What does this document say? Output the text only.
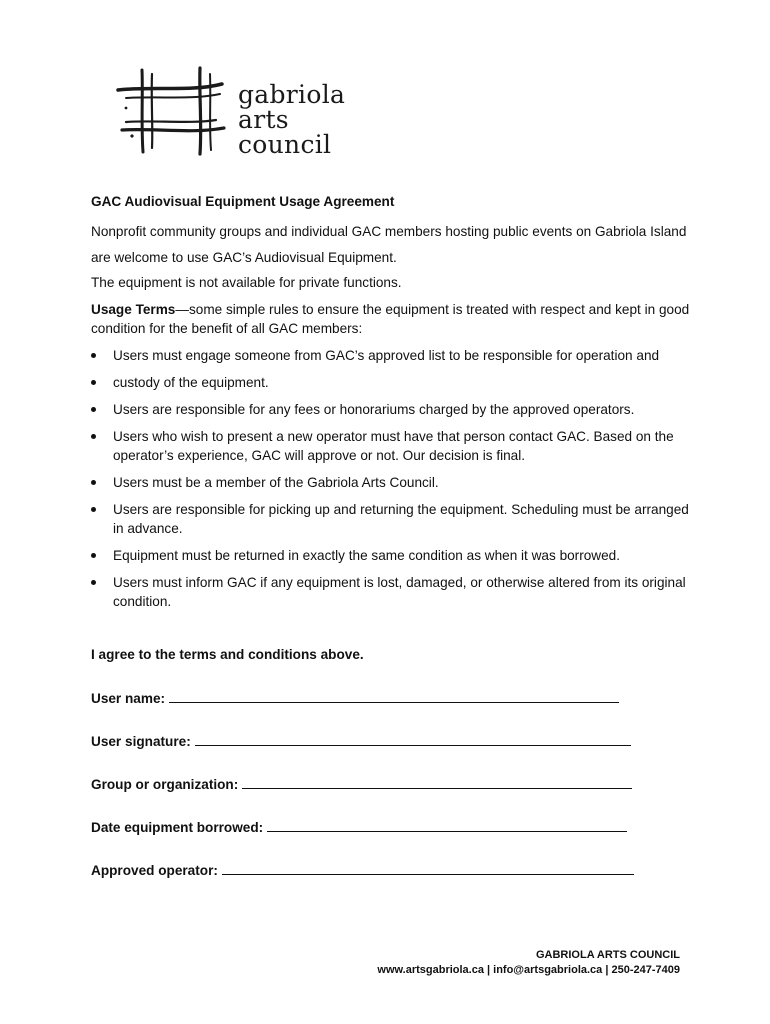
gabriola
arts
council

GAC Audiovisual Equipment Usage Agreement

Nonprofit community groups and individual GAC members hosting public events on Gabriola Island are welcome to use GAC’s Audiovisual Equipment.

The equipment is not available for private functions.

Usage Terms—some simple rules to ensure the equipment is treated with respect and kept in good condition for the benefit of all GAC members:

Users must engage someone from GAC’s approved list to be responsible for operation and
custody of the equipment.
Users are responsible for any fees or honorariums charged by the approved operators.
Users who wish to present a new operator must have that person contact GAC. Based on the operator’s experience, GAC will approve or not. Our decision is final.
Users must be a member of the Gabriola Arts Council.
Users are responsible for picking up and returning the equipment. Scheduling must be arranged in advance.
Equipment must be returned in exactly the same condition as when it was borrowed.
Users must inform GAC if any equipment is lost, damaged, or otherwise altered from its original condition.

I agree to the terms and conditions above.

User name:

User signature:

Group or organization:

Date equipment borrowed:

Approved operator:

GABRIOLA ARTS COUNCIL
www.artsgabriola.ca | info@artsgabriola.ca | 250-247-7409
